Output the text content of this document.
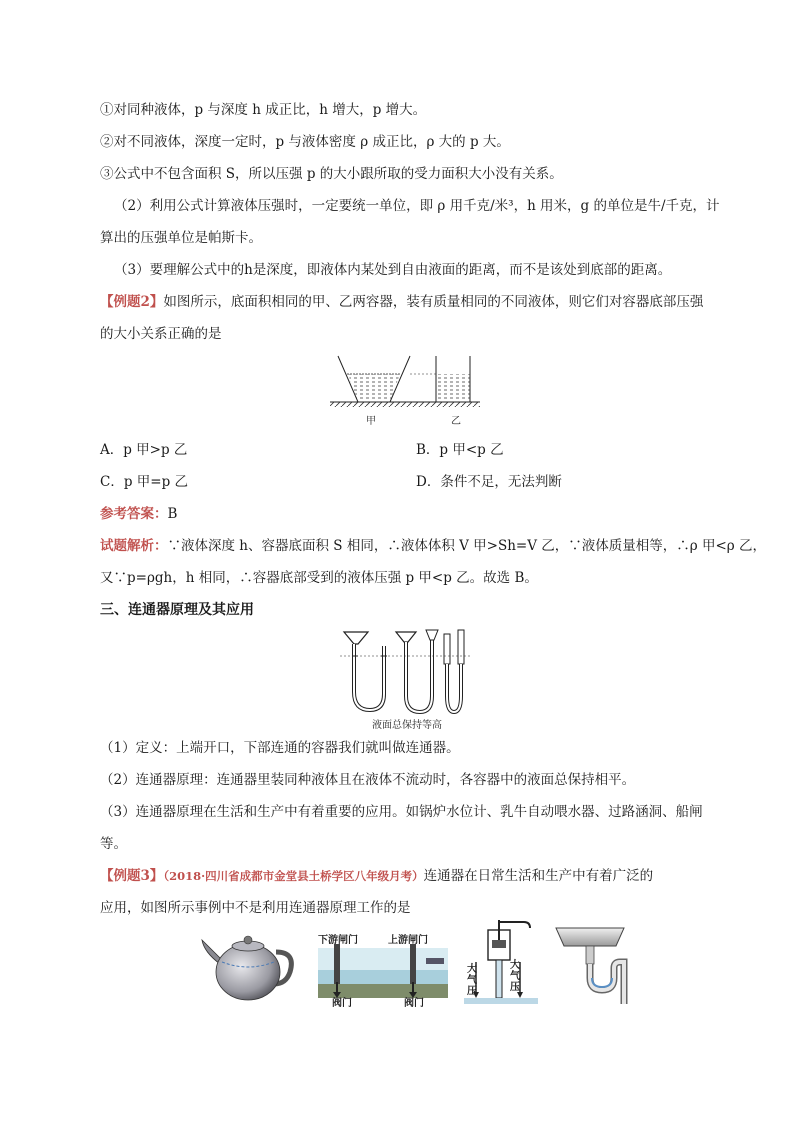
①对同种液体，p 与深度 h 成正比，h 增大，p 增大。
②对不同液体，深度一定时，p 与液体密度 ρ 成正比，ρ 大的 p 大。
③公式中不包含面积 S，所以压强 p 的大小跟所取的受力面积大小没有关系。
（2）利用公式计算液体压强时，一定要统一单位，即 ρ 用千克/米³，h 用米，g 的单位是牛/千克，计
算出的压强单位是帕斯卡。
（3）要理解公式中的h是深度，即液体内某处到自由液面的距离，而不是该处到底部的距离。
【例题2】如图所示，底面积相同的甲、乙两容器，装有质量相同的不同液体，则它们对容器底部压强
的大小关系正确的是
甲	乙
A．p 甲>p 乙	B．p 甲<p 乙
C．p 甲=p 乙	D．条件不足，无法判断
参考答案：B
试题解析：∵液体深度 h、容器底面积 S 相同，∴液体体积 V 甲>Sh=V 乙，∵液体质量相等，∴ρ 甲<ρ 乙，
又∵p=ρgh，h 相同，∴容器底部受到的液体压强 p 甲<p 乙。故选 B。
三、连通器原理及其应用
液面总保持等高
（1）定义：上端开口，下部连通的容器我们就叫做连通器。
（2）连通器原理：连通器里装同种液体且在液体不流动时，各容器中的液面总保持相平。
（3）连通器原理在生活和生产中有着重要的应用。如锅炉水位计、乳牛自动喂水器、过路涵洞、船闸
等。
【例题3】（2018·四川省成都市金堂县土桥学区八年级月考）连通器在日常生活和生产中有着广泛的
应用，如图所示事例中不是利用连通器原理工作的是
下游闸门	上游闸门
阀门	阀门
大气压
大气压
